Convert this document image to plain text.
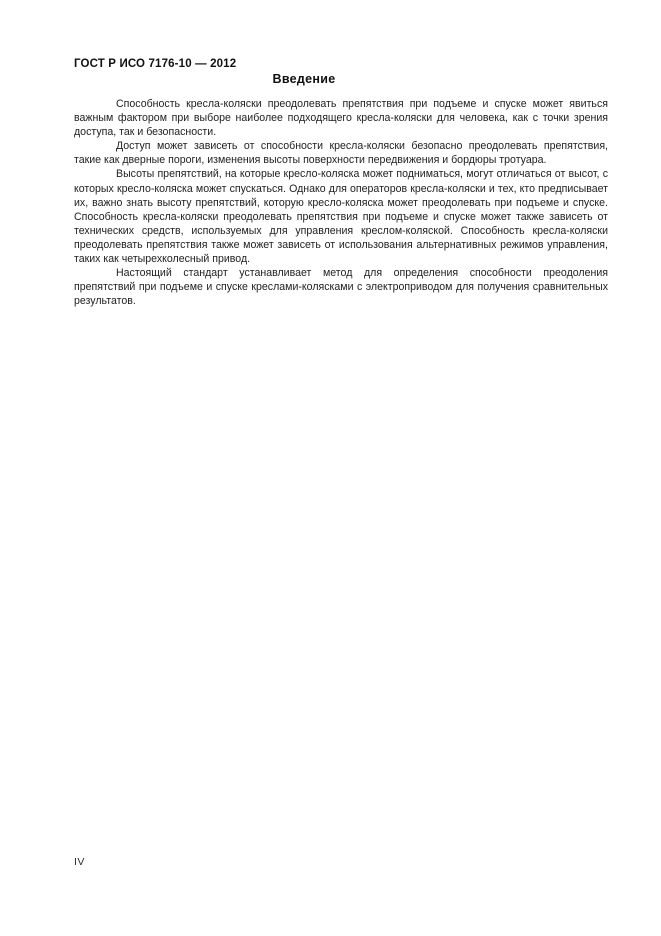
ГОСТ Р ИСО 7176-10 — 2012
Введение

Способность кресла-коляски преодолевать препятствия при подъеме и спуске может явиться важным фактором при выборе наиболее подходящего кресла-коляски для человека, как с точки зрения доступа, так и безопасности.

Доступ может зависеть от способности кресла-коляски безопасно преодолевать препятствия, такие как дверные пороги, изменения высоты поверхности передвижения и бордюры тротуара.

Высоты препятствий, на которые кресло-коляска может подниматься, могут отличаться от высот, с которых кресло-коляска может спускаться. Однако для операторов кресла-коляски и тех, кто предписывает их, важно знать высоту препятствий, которую кресло-коляска может преодолевать при подъеме и спуске. Способность кресла-коляски преодолевать препятствия при подъеме и спуске может также зависеть от технических средств, используемых для управления креслом-коляской. Способность кресла-коляски преодолевать препятствия также может зависеть от использования альтернативных режимов управления, таких как четырехколесный привод.

Настоящий стандарт устанавливает метод для определения способности преодоления препятствий при подъеме и спуске креслами-колясками с электроприводом для получения сравнительных результатов.

IV
